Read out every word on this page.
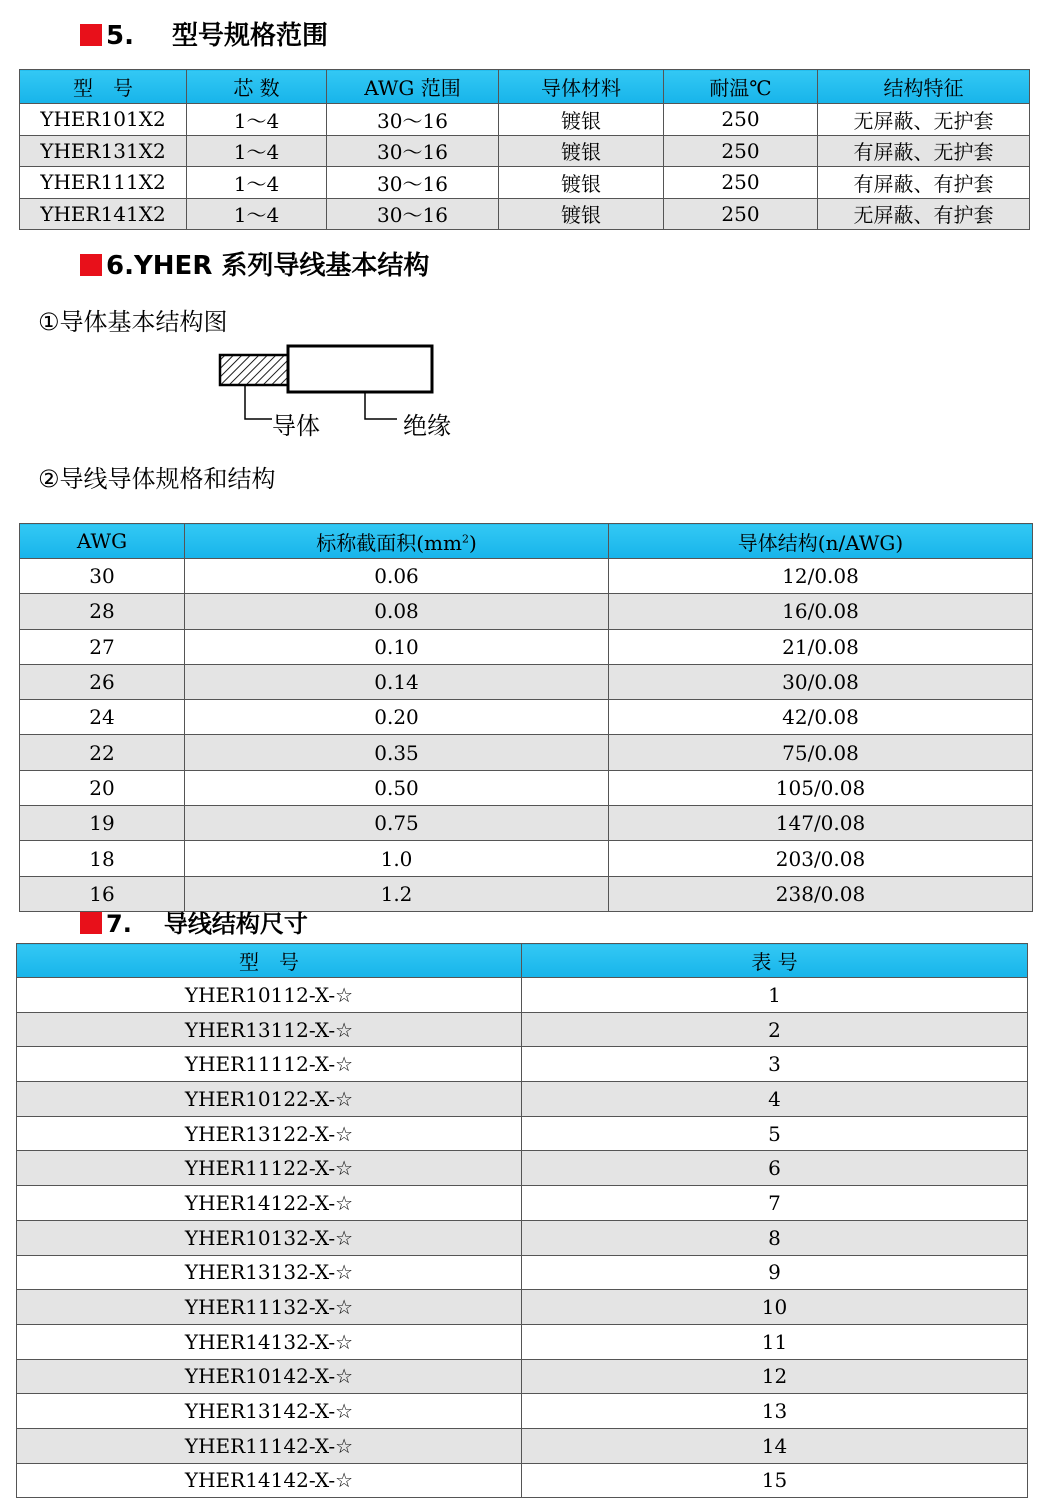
5. 型号规格范围
型　号	芯 数	AWG 范围	导体材料	耐温℃	结构特征
YHER101X2	1～4	30～16	镀银	250	无屏蔽、无护套
YHER131X2	1～4	30～16	镀银	250	有屏蔽、无护套
YHER111X2	1～4	30～16	镀银	250	有屏蔽、有护套
YHER141X2	1～4	30～16	镀银	250	无屏蔽、有护套
6.YHER 系列导线基本结构
①导体基本结构图
导体	绝缘
②导线导体规格和结构
AWG	标称截面积$(mm^2)$	导体结构(n/AWG)
30	0.06	12/0.08
28	0.08	16/0.08
27	0.10	21/0.08
26	0.14	30/0.08
24	0.20	42/0.08
22	0.35	75/0.08
20	0.50	105/0.08
19	0.75	147/0.08
18	1.0	203/0.08
16	1.2	238/0.08
7. 导线结构尺寸
型　号	表 号
YHER10112-X-☆	1
YHER13112-X-☆	2
YHER11112-X-☆	3
YHER10122-X-☆	4
YHER13122-X-☆	5
YHER11122-X-☆	6
YHER14122-X-☆	7
YHER10132-X-☆	8
YHER13132-X-☆	9
YHER11132-X-☆	10
YHER14132-X-☆	11
YHER10142-X-☆	12
YHER13142-X-☆	13
YHER11142-X-☆	14
YHER14142-X-☆	15
